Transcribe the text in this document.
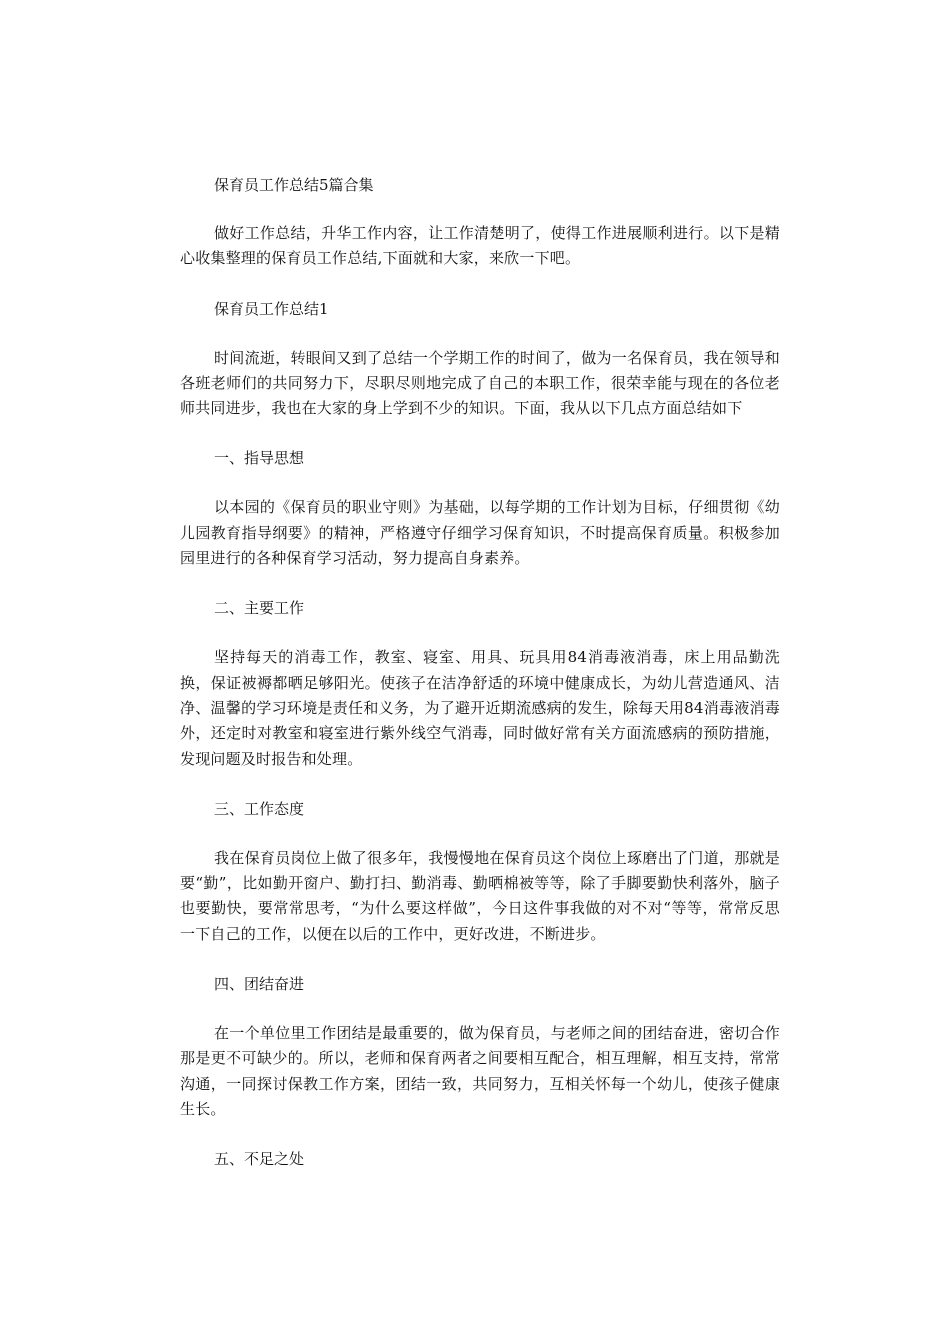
保育员工作总结5篇合集

做好工作总结，升华工作内容，让工作清楚明了，使得工作进展顺利进行。以下是精心收集整理的保育员工作总结,下面就和大家，来欣一下吧。

保育员工作总结1

时间流逝，转眼间又到了总结一个学期工作的时间了，做为一名保育员，我在领导和各班老师们的共同努力下，尽职尽则地完成了自己的本职工作，很荣幸能与现在的各位老师共同进步，我也在大家的身上学到不少的知识。下面，我从以下几点方面总结如下

一、指导思想

以本园的《保育员的职业守则》为基础，以每学期的工作计划为目标，仔细贯彻《幼儿园教育指导纲要》的精神，严格遵守仔细学习保育知识，不时提高保育质量。积极参加园里进行的各种保育学习活动，努力提高自身素养。

二、主要工作

坚持每天的消毒工作，教室、寝室、用具、玩具用84消毒液消毒，床上用品勤洗换，保证被褥都晒足够阳光。使孩子在洁净舒适的环境中健康成长，为幼儿营造通风、洁净、温馨的学习环境是责任和义务，为了避开近期流感病的发生，除每天用84消毒液消毒外，还定时对教室和寝室进行紫外线空气消毒，同时做好常有关方面流感病的预防措施，发现问题及时报告和处理。

三、工作态度

我在保育员岗位上做了很多年，我慢慢地在保育员这个岗位上琢磨出了门道，那就是要“勤”，比如勤开窗户、勤打扫、勤消毒、勤晒棉被等等，除了手脚要勤快利落外，脑子也要勤快，要常常思考，“为什么要这样做”，今日这件事我做的对不对“等等，常常反思一下自己的工作，以便在以后的工作中，更好改进，不断进步。

四、团结奋进

在一个单位里工作团结是最重要的，做为保育员，与老师之间的团结奋进，密切合作那是更不可缺少的。所以，老师和保育两者之间要相互配合，相互理解，相互支持，常常沟通，一同探讨保教工作方案，团结一致，共同努力，互相关怀每一个幼儿，使孩子健康生长。

五、不足之处
